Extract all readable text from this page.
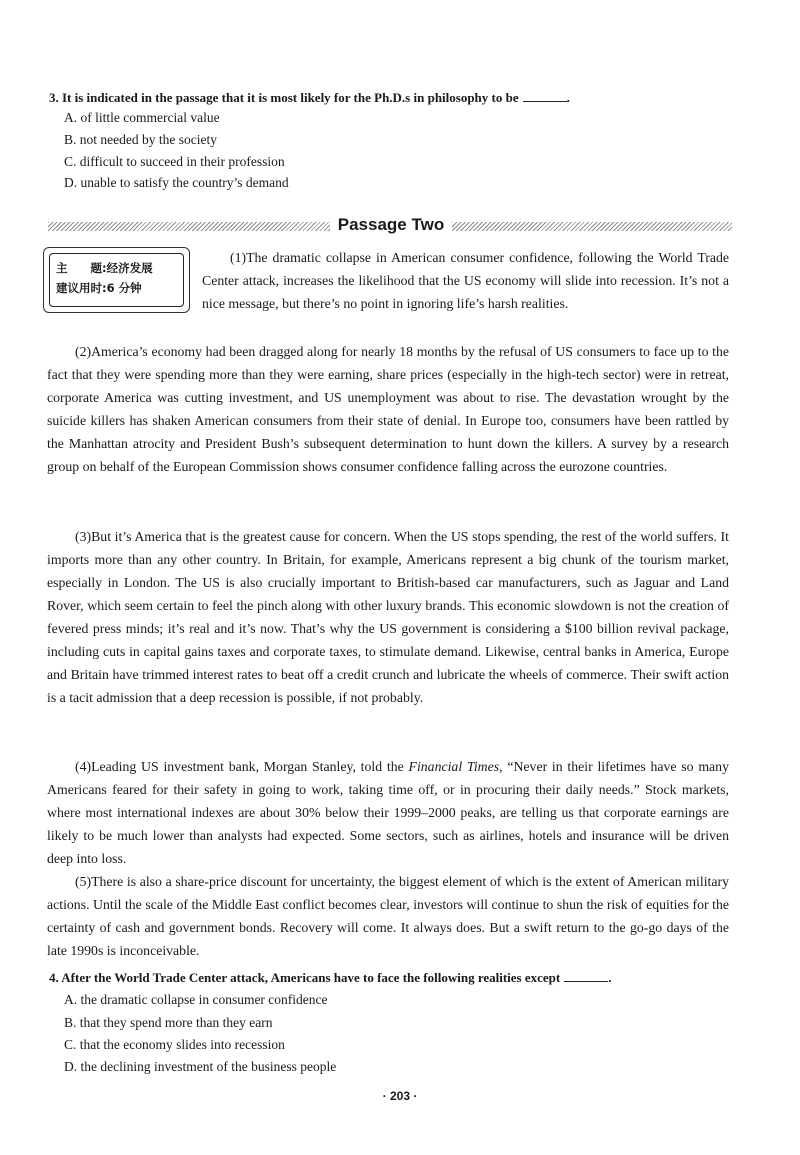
3. It is indicated in the passage that it is most likely for the Ph.D.s in philosophy to be	.
A. of little commercial value
B. not needed by the society
C. difficult to succeed in their profession
D. unable to satisfy the country’s demand
Passage Two
主　　题:经济发展
建议用时:6 分钟

(1)The dramatic collapse in American consumer confidence, following the World Trade Center attack, increases the likelihood that the US economy will slide into recession. It’s not a nice message, but there’s no point in ignoring life’s harsh realities.

(2)America’s economy had been dragged along for nearly 18 months by the refusal of US consumers to face up to the fact that they were spending more than they were earning, share prices (especially in the high-tech sector) were in retreat, corporate America was cutting investment, and US unemployment was about to rise. The devastation wrought by the suicide killers has shaken American consumers from their state of denial. In Europe too, consumers have been rattled by the Manhattan atrocity and President Bush’s subsequent determination to hunt down the killers. A survey by a research group on behalf of the European Commission shows consumer confidence falling across the eurozone countries.

(3)But it’s America that is the greatest cause for concern. When the US stops spending, the rest of the world suffers. It imports more than any other country. In Britain, for example, Americans represent a big chunk of the tourism market, especially in London. The US is also crucially important to British-based car manufacturers, such as Jaguar and Land Rover, which seem certain to feel the pinch along with other luxury brands. This economic slowdown is not the creation of fevered press minds; it’s real and it’s now. That’s why the US government is considering a $100 billion revival package, including cuts in capital gains taxes and corporate taxes, to stimulate demand. Likewise, central banks in America, Europe and Britain have trimmed interest rates to beat off a credit crunch and lubricate the wheels of commerce. Their swift action is a tacit admission that a deep recession is possible, if not probably.

(4)Leading US investment bank, Morgan Stanley, told the Financial Times, “Never in their lifetimes have so many Americans feared for their safety in going to work, taking time off, or in procuring their daily needs.” Stock markets, where most international indexes are about 30% below their 1999–2000 peaks, are telling us that corporate earnings are likely to be much lower than analysts had expected. Some sectors, such as airlines, hotels and insurance will be driven deep into loss.

(5)There is also a share-price discount for uncertainty, the biggest element of which is the extent of American military actions. Until the scale of the Middle East conflict becomes clear, investors will continue to shun the risk of equities for the certainty of cash and government bonds. Recovery will come. It always does. But a swift return to the go-go days of the late 1990s is inconceivable.

4. After the World Trade Center attack, Americans have to face the following realities except	.
A. the dramatic collapse in consumer confidence
B. that they spend more than they earn
C. that the economy slides into recession
D. the declining investment of the business people
· 203 ·
